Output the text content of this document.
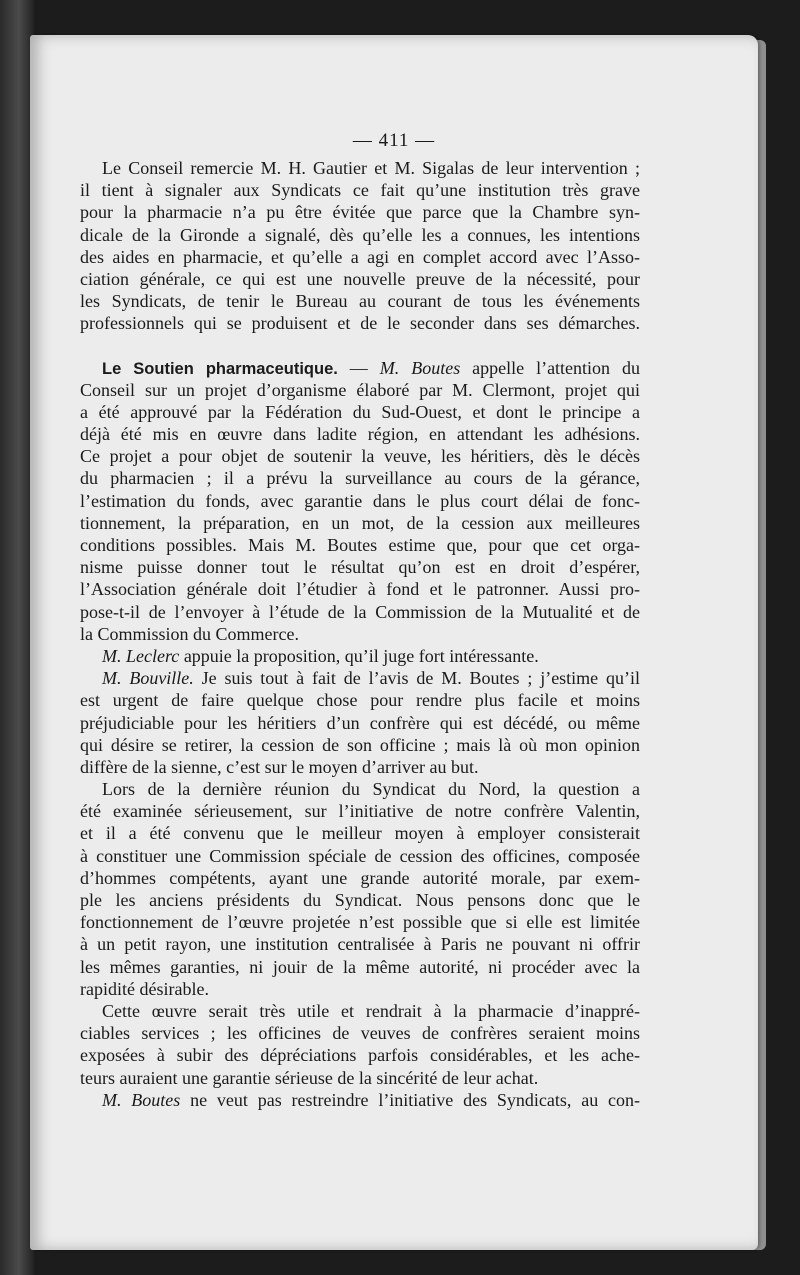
— 411 —
Le Conseil remercie M. H. Gautier et M. Sigalas de leur intervention ;
il tient à signaler aux Syndicats ce fait qu’une institution très grave
pour la pharmacie n’a pu être évitée que parce que la Chambre syn-
dicale de la Gironde a signalé, dès qu’elle les a connues, les intentions
des aides en pharmacie, et qu’elle a agi en complet accord avec l’Asso-
ciation générale, ce qui est une nouvelle preuve de la nécessité, pour
les Syndicats, de tenir le Bureau au courant de tous les événements
professionnels qui se produisent et de le seconder dans ses démarches.
Le Soutien pharmaceutique. — M. Boutes appelle l’attention du
Conseil sur un projet d’organisme élaboré par M. Clermont, projet qui
a été approuvé par la Fédération du Sud-Ouest, et dont le principe a
déjà été mis en œuvre dans ladite région, en attendant les adhésions.
Ce projet a pour objet de soutenir la veuve, les héritiers, dès le décès
du pharmacien ; il a prévu la surveillance au cours de la gérance,
l’estimation du fonds, avec garantie dans le plus court délai de fonc-
tionnement, la préparation, en un mot, de la cession aux meilleures
conditions possibles. Mais M. Boutes estime que, pour que cet orga-
nisme puisse donner tout le résultat qu’on est en droit d’espérer,
l’Association générale doit l’étudier à fond et le patronner. Aussi pro-
pose-t-il de l’envoyer à l’étude de la Commission de la Mutualité et de
la Commission du Commerce.
M. Leclerc appuie la proposition, qu’il juge fort intéressante.
M. Bouville. Je suis tout à fait de l’avis de M. Boutes ; j’estime qu’il
est urgent de faire quelque chose pour rendre plus facile et moins
préjudiciable pour les héritiers d’un confrère qui est décédé, ou même
qui désire se retirer, la cession de son officine ; mais là où mon opinion
diffère de la sienne, c’est sur le moyen d’arriver au but.
Lors de la dernière réunion du Syndicat du Nord, la question a
été examinée sérieusement, sur l’initiative de notre confrère Valentin,
et il a été convenu que le meilleur moyen à employer consisterait
à constituer une Commission spéciale de cession des officines, composée
d’hommes compétents, ayant une grande autorité morale, par exem-
ple les anciens présidents du Syndicat. Nous pensons donc que le
fonctionnement de l’œuvre projetée n’est possible que si elle est limitée
à un petit rayon, une institution centralisée à Paris ne pouvant ni offrir
les mêmes garanties, ni jouir de la même autorité, ni procéder avec la
rapidité désirable.
Cette œuvre serait très utile et rendrait à la pharmacie d’inappré-
ciables services ; les officines de veuves de confrères seraient moins
exposées à subir des dépréciations parfois considérables, et les ache-
teurs auraient une garantie sérieuse de la sincérité de leur achat.
M. Boutes ne veut pas restreindre l’initiative des Syndicats, au con-
